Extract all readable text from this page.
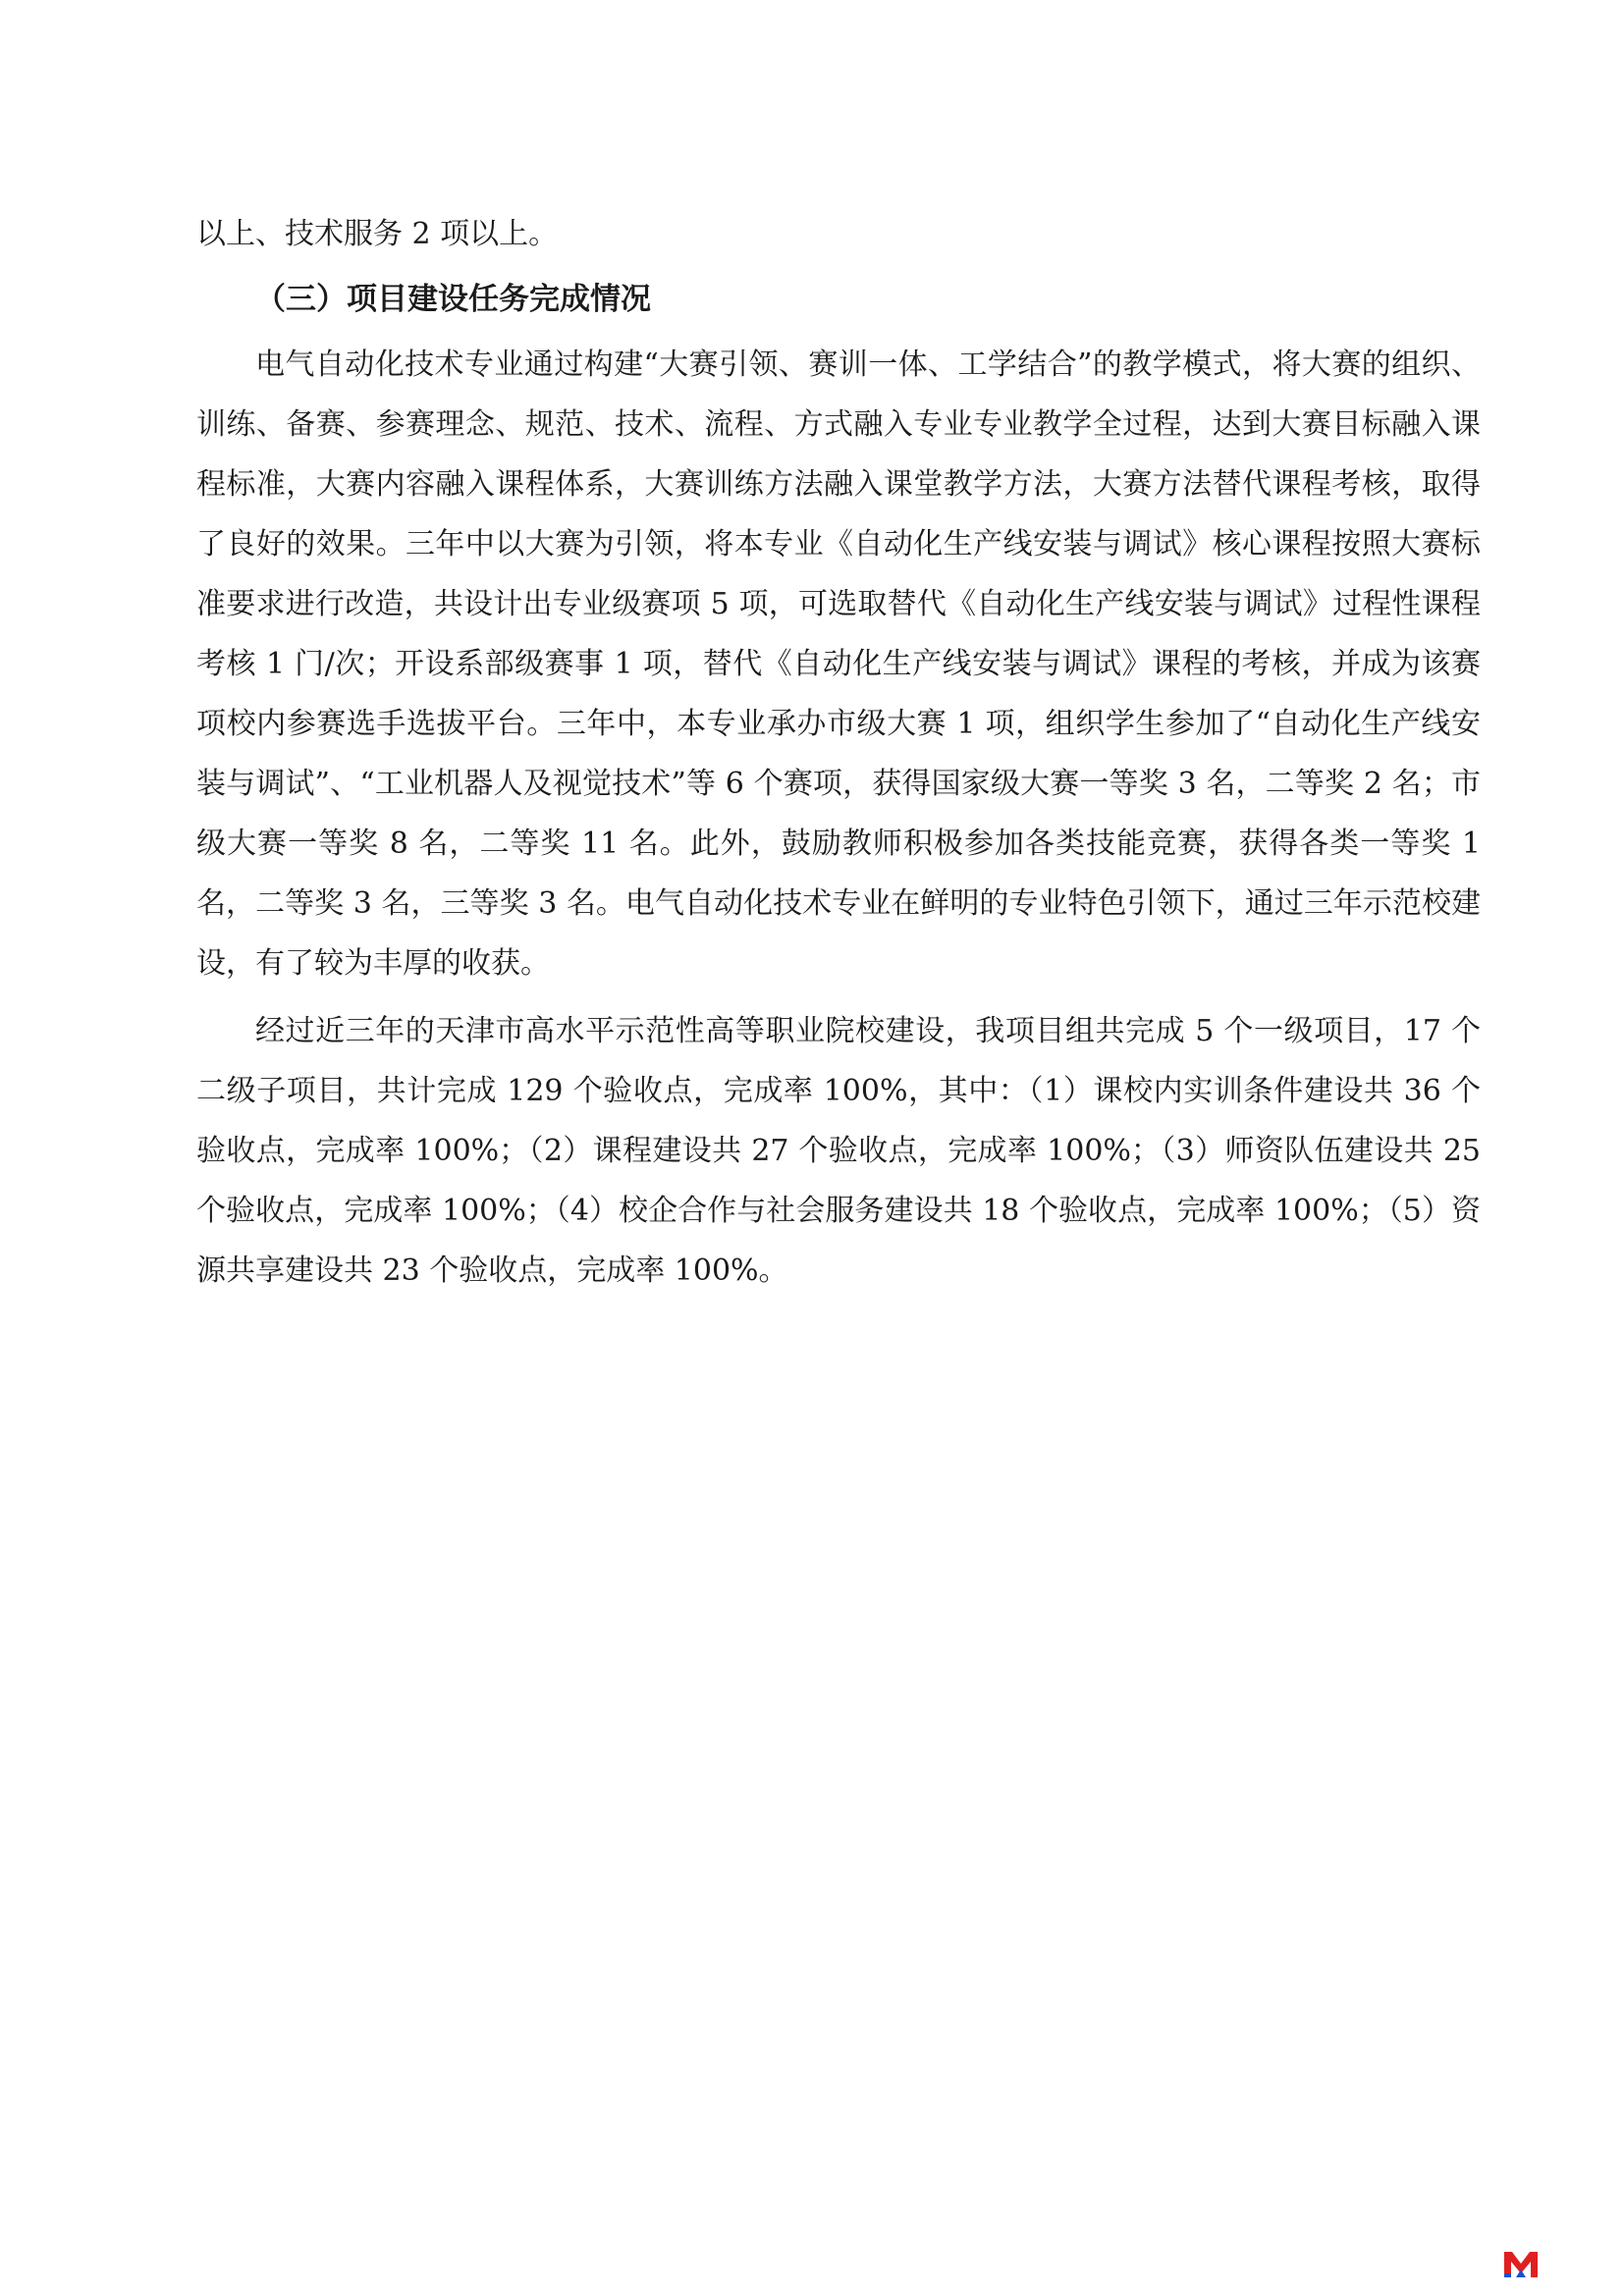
以上、技术服务 2 项以上。

（三）项目建设任务完成情况

电气自动化技术专业通过构建“大赛引领、赛训一体、工学结合”的教学模式，将大赛的组织、训练、备赛、参赛理念、规范、技术、流程、方式融入专业专业教学全过程，达到大赛目标融入课程标准，大赛内容融入课程体系，大赛训练方法融入课堂教学方法，大赛方法替代课程考核，取得了良好的效果。三年中以大赛为引领，将本专业《自动化生产线安装与调试》核心课程按照大赛标准要求进行改造，共设计出专业级赛项 5 项，可选取替代《自动化生产线安装与调试》过程性课程考核 1 门/次；开设系部级赛事 1 项，替代《自动化生产线安装与调试》课程的考核，并成为该赛项校内参赛选手选拔平台。三年中，本专业承办市级大赛 1 项，组织学生参加了“自动化生产线安装与调试”、“工业机器人及视觉技术”等 6 个赛项，获得国家级大赛一等奖 3 名，二等奖 2 名；市级大赛一等奖 8 名，二等奖 11 名。此外，鼓励教师积极参加各类技能竞赛，获得各类一等奖 1 名，二等奖 3 名，三等奖 3 名。电气自动化技术专业在鲜明的专业特色引领下，通过三年示范校建设，有了较为丰厚的收获。

经过近三年的天津市高水平示范性高等职业院校建设，我项目组共完成 5 个一级项目，17 个二级子项目，共计完成 129 个验收点，完成率 100%，其中：（1）课校内实训条件建设共 36 个验收点，完成率 100%；（2）课程建设共 27 个验收点，完成率 100%；（3）师资队伍建设共 25 个验收点，完成率 100%；（4）校企合作与社会服务建设共 18 个验收点，完成率 100%；（5）资源共享建设共 23 个验收点，完成率 100%。
